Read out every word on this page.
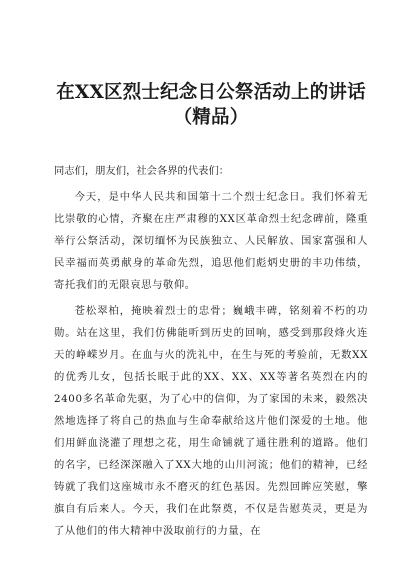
在XX区烈士纪念日公祭活动上的讲话
（精品）

同志们，朋友们，社会各界的代表们：

今天，是中华人民共和国第十二个烈士纪念日。我们怀着无比崇敬的心情，齐聚在庄严肃穆的XX区革命烈士纪念碑前，隆重举行公祭活动，深切缅怀为民族独立、人民解放、国家富强和人民幸福而英勇献身的革命先烈，追思他们彪炳史册的丰功伟绩，寄托我们的无限哀思与敬仰。

苍松翠柏，掩映着烈士的忠骨；巍峨丰碑，铭刻着不朽的功勋。站在这里，我们仿佛能听到历史的回响，感受到那段烽火连天的峥嵘岁月。在血与火的洗礼中，在生与死的考验前，无数XX的优秀儿女，包括长眠于此的XX、XX、XX等著名英烈在内的2400多名革命先驱，为了心中的信仰，为了家国的未来，毅然决然地选择了将自己的热血与生命奉献给这片他们深爱的土地。他们用鲜血浇灌了理想之花，用生命铺就了通往胜利的道路。他们的名字，已经深深融入了XX大地的山川河流；他们的精神，已经铸就了我们这座城市永不磨灭的红色基因。先烈回眸应笑慰，擎旗自有后来人。今天，我们在此祭奠，不仅是告慰英灵，更是为了从他们的伟大精神中汲取前行的力量，在
